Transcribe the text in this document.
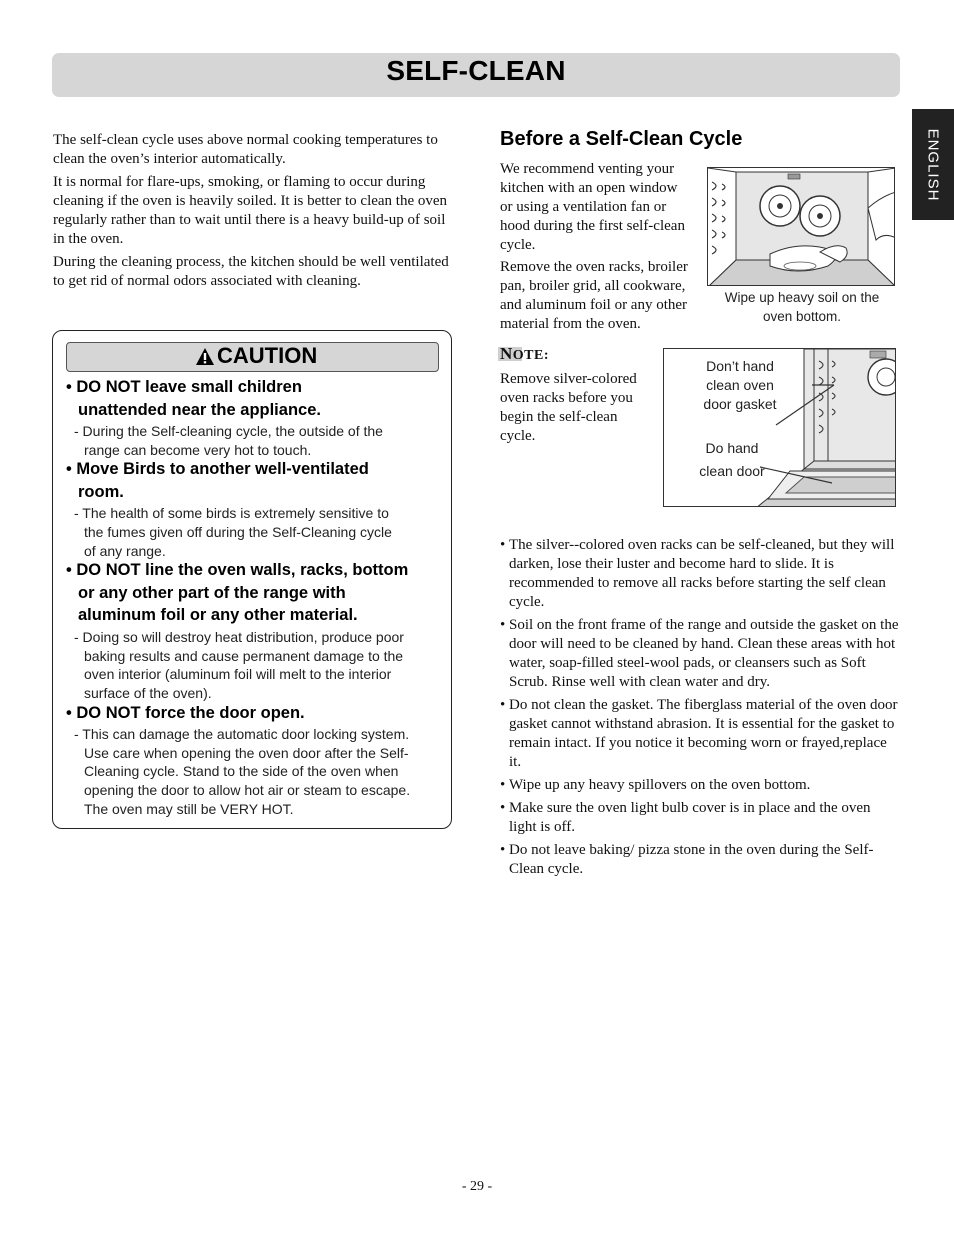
SELF-CLEAN
ENGLISH

The self-clean cycle uses above normal cooking temperatures to clean the oven’s interior automatically.

It is normal for flare-ups, smoking, or flaming to occur during cleaning if the oven is heavily soiled. It is better to clean the oven regularly rather than to wait until there is a heavy build-up of soil in the oven.

During the cleaning process, the kitchen should be well ventilated to get rid of normal odors associated with cleaning.

CAUTION
• DO NOT leave small children
unattended near the appliance.
- During the Self-cleaning cycle, the outside of the
range can become very hot to touch.
• Move Birds to another well-ventilated
room.
- The health of some birds is extremely sensitive to
the fumes given off during the Self-Cleaning cycle
of any range.
• DO NOT line the oven walls, racks, bottom
or any other part of the range with
aluminum foil or any other material.
- Doing so will destroy heat distribution, produce poor
baking results and cause permanent damage to the
oven interior (aluminum foil will melt to the interior
surface of the oven).
• DO NOT force the door open.
- This can damage the automatic door locking system.
Use care when opening the oven door after the Self-
Cleaning cycle. Stand to the side of the oven when
opening the door to allow hot air or steam to escape.
The oven may still be VERY HOT.
Before a Self-Clean Cycle
We recommend venting your
kitchen with an open window
or using a ventilation fan or
hood during the first self-clean
cycle.
Remove the oven racks, broiler
pan, broiler grid, all cookware,
and aluminum foil or any other
material from the oven.
Wipe up heavy soil on the
oven bottom.
NOTE:
Remove silver-colored
oven racks before you
begin the self-clean
cycle.
Don’t hand
clean oven
door gasket
Do hand
clean door
• The silver--colored oven racks can be self-cleaned, but they will darken, lose their luster and become hard to slide. It is recommended to remove all racks before starting the self clean cycle.
• Soil on the front frame of the range and outside the gasket on the door will need to be cleaned by hand. Clean these areas with hot water, soap-filled steel-wool pads, or cleansers such as Soft Scrub. Rinse well with clean water and dry.
• Do not clean the gasket. The fiberglass material of the oven door gasket cannot withstand abrasion. It is essential for the gasket to remain intact. If you notice it becoming worn or frayed,replace it.
• Wipe up any heavy spillovers on the oven bottom.
• Make sure the oven light bulb cover is in place and the oven light is off.
• Do not leave baking/ pizza stone in the oven during the Self-Clean cycle.
- 29 -
